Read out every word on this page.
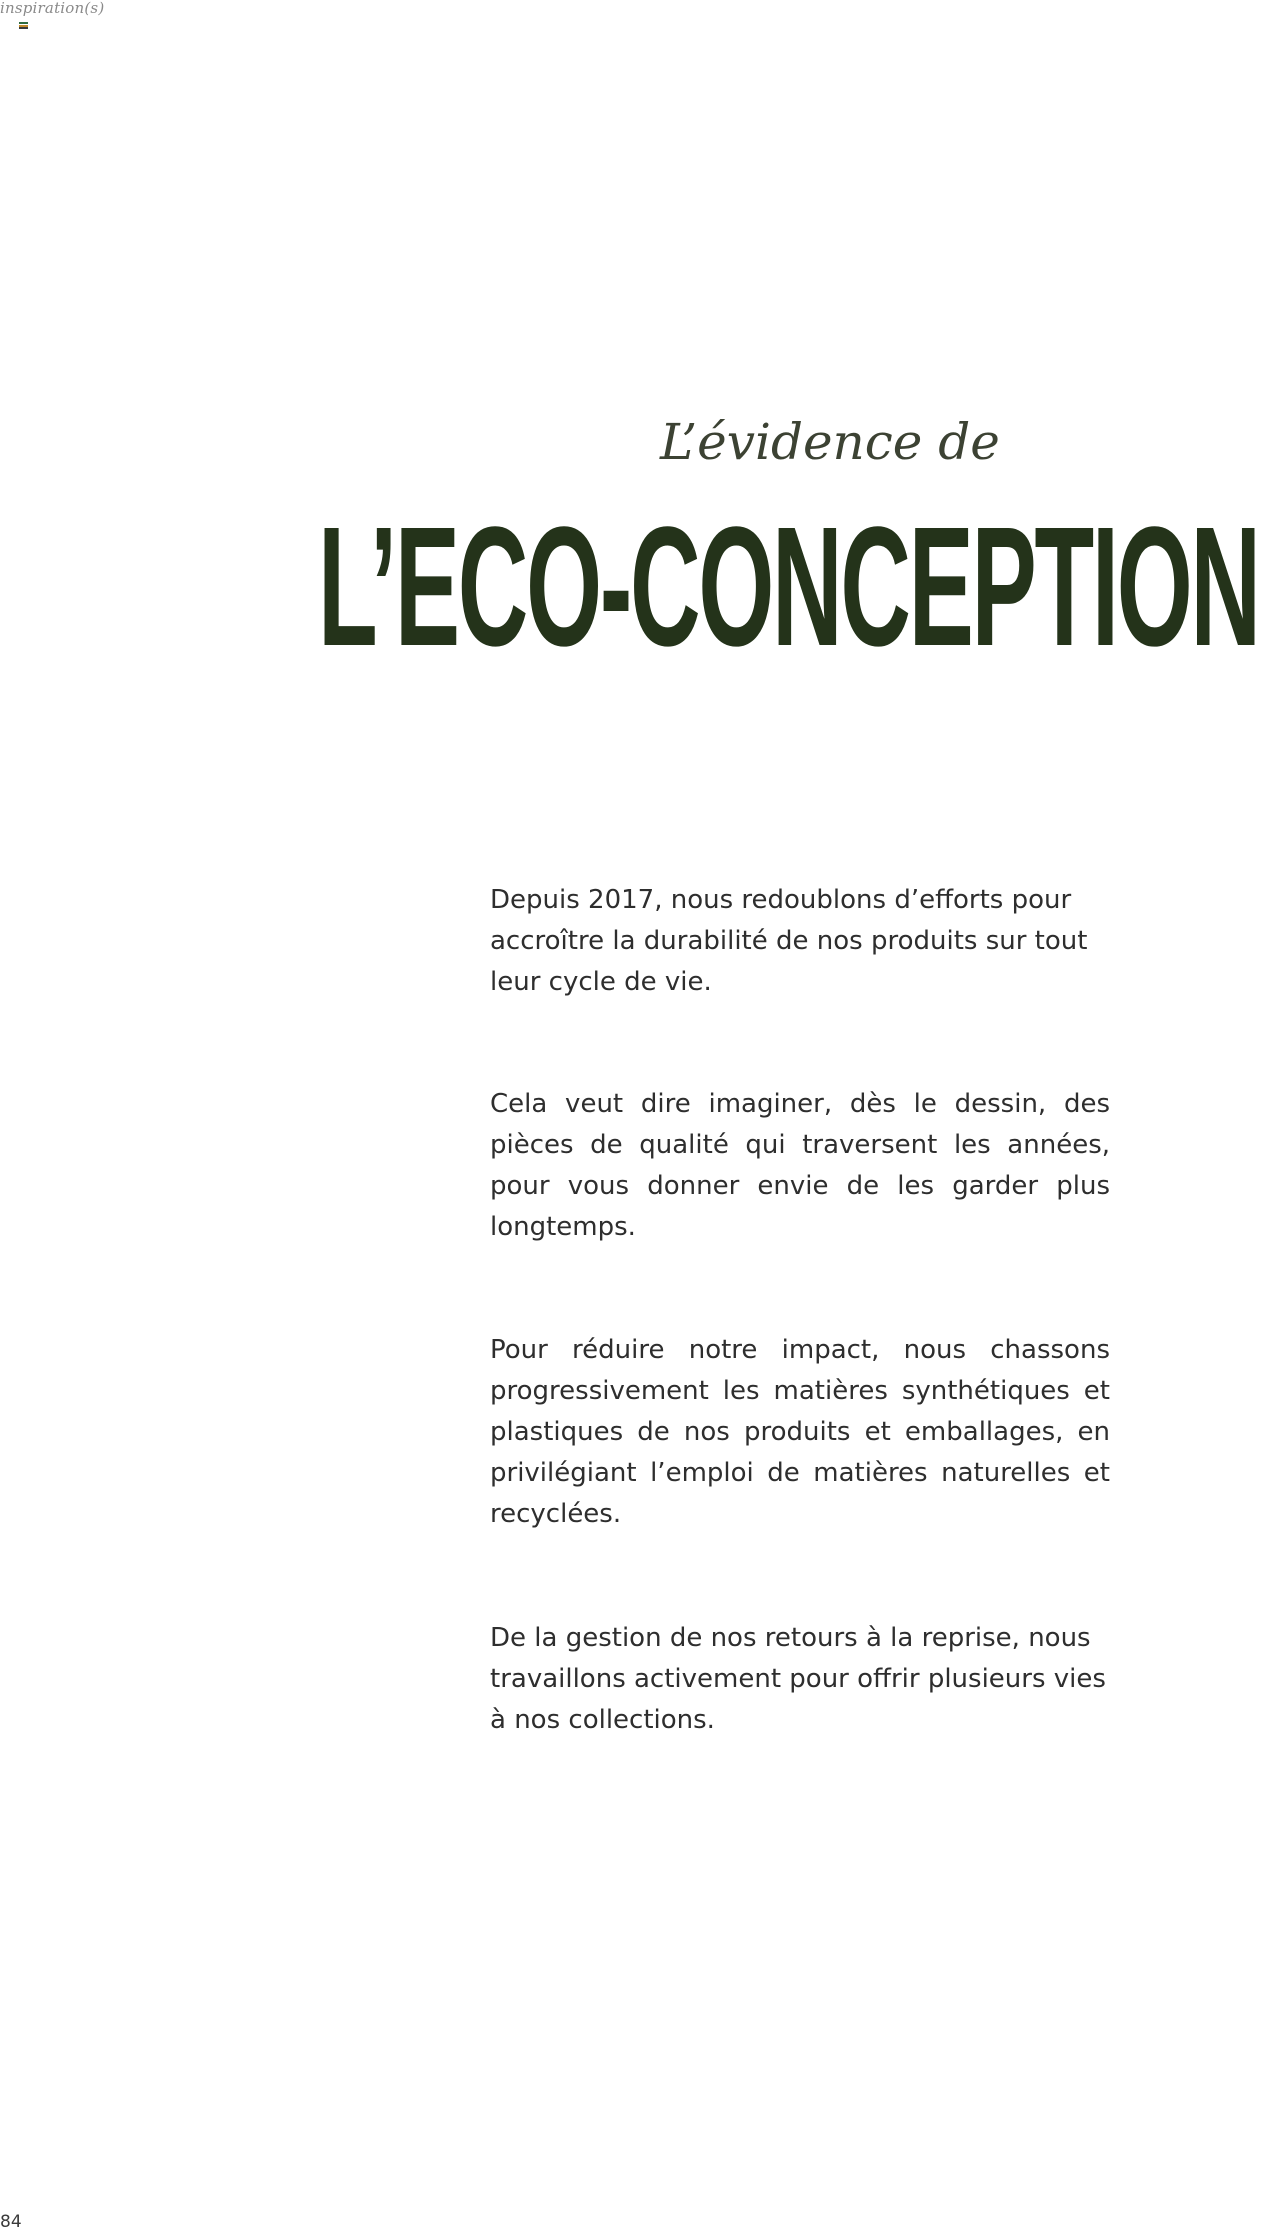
inspiration(s)
L’évidence de
L’ECO-CONCEPTION

Depuis 2017, nous redoublons d’efforts pour accroître la durabilité de nos produits sur tout leur cycle de vie.

Cela veut dire imaginer, dès le dessin, des pièces de qualité qui traversent les années, pour vous donner envie de les garder plus longtemps.

Pour réduire notre impact, nous chassons progressivement les matières synthétiques et plastiques de nos produits et emballages, en privilégiant l’emploi de matières naturelles et recyclées.

De la gestion de nos retours à la reprise, nous travaillons activement pour offrir plusieurs vies à nos collections.

84
